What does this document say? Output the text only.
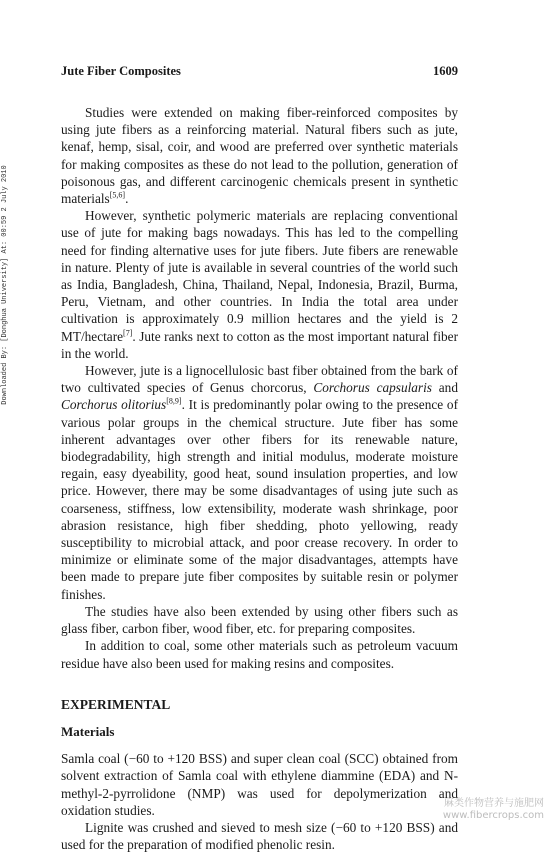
Jute Fiber Composites	1609
Downloaded By: [Donghua University] At: 00:59 2 July 2010

Studies were extended on making fiber-reinforced composites by using jute fibers as a reinforcing material. Natural fibers such as jute, kenaf, hemp, sisal, coir, and wood are preferred over synthetic materials for making composites as these do not lead to the pollution, generation of poisonous gas, and different carcinogenic chemicals present in synthetic materials[5,6].

However, synthetic polymeric materials are replacing conventional use of jute for making bags nowadays. This has led to the compelling need for finding alternative uses for jute fibers. Jute fibers are renewable in nature. Plenty of jute is available in several countries of the world such as India, Bangladesh, China, Thailand, Nepal, Indonesia, Brazil, Burma, Peru, Vietnam, and other countries. In India the total area under cultivation is approximately 0.9 million hectares and the yield is 2 MT/hectare[7]. Jute ranks next to cotton as the most important natural fiber in the world.

However, jute is a lignocellulosic bast fiber obtained from the bark of two cultivated species of Genus chorcorus, Corchorus capsularis and Corchorus olitorius[8,9]. It is predominantly polar owing to the presence of various polar groups in the chemical structure. Jute fiber has some inherent advantages over other fibers for its renewable nature, biodegradability, high strength and initial modulus, moderate moisture regain, easy dyeability, good heat, sound insulation properties, and low price. However, there may be some disadvantages of using jute such as coarseness, stiffness, low extensibility, moderate wash shrinkage, poor abrasion resistance, high fiber shedding, photo yellowing, ready susceptibility to microbial attack, and poor crease recovery. In order to minimize or eliminate some of the major disadvantages, attempts have been made to prepare jute fiber composites by suitable resin or polymer finishes.

The studies have also been extended by using other fibers such as glass fiber, carbon fiber, wood fiber, etc. for preparing composites.

In addition to coal, some other materials such as petroleum vacuum residue have also been used for making resins and composites.

EXPERIMENTAL
Materials

Samla coal (−60 to +120 BSS) and super clean coal (SCC) obtained from solvent extraction of Samla coal with ethylene diammine (EDA) and N-methyl-2-pyrrolidone (NMP) was used for depolymerization and oxidation studies.

Lignite was crushed and sieved to mesh size (−60 to +120 BSS) and used for the preparation of modified phenolic resin.

麻类作物营养与施肥网
www.fibercrops.com
